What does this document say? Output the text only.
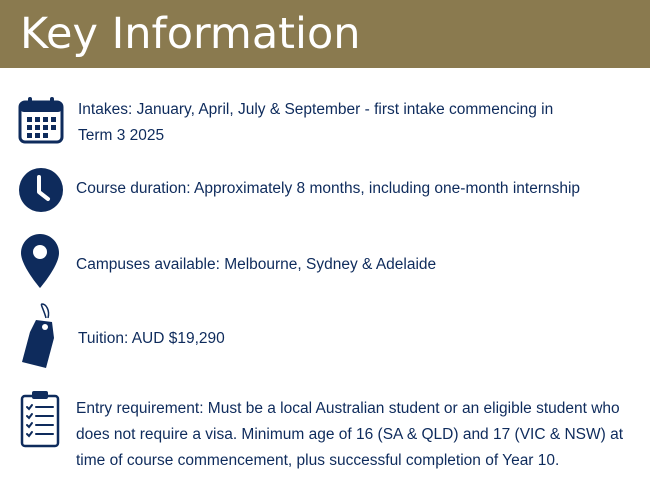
Key Information
Intakes: January, April, July & September - first intake commencing in
Term 3 2025
Course duration: Approximately 8 months, including one-month internship
Campuses available: Melbourne, Sydney & Adelaide
Tuition: AUD $19,290
Entry requirement: Must be a local Australian student or an eligible student who
does not require a visa. Minimum age of 16 (SA & QLD) and 17 (VIC & NSW) at
time of course commencement, plus successful completion of Year 10.
